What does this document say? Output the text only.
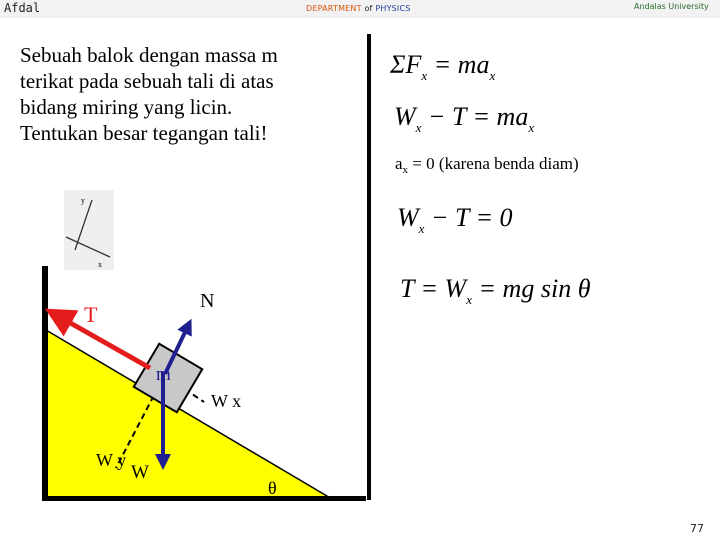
Afdal	DEPARTMENT of PHYSICS	Andalas University

Sebuah balok dengan massa m

terikat pada sebuah tali di atas

bidang miring yang licin.

Tentukan besar tegangan tali!

y
x
T
N
m
W x
W y
W
θ
$\Sigma F_x = ma_x$
$W_x - T = ma_x$
$a_x = 0$ (karena benda diam)
$W_x - T = 0$
$T = W_x$ = mg sin θ
77
